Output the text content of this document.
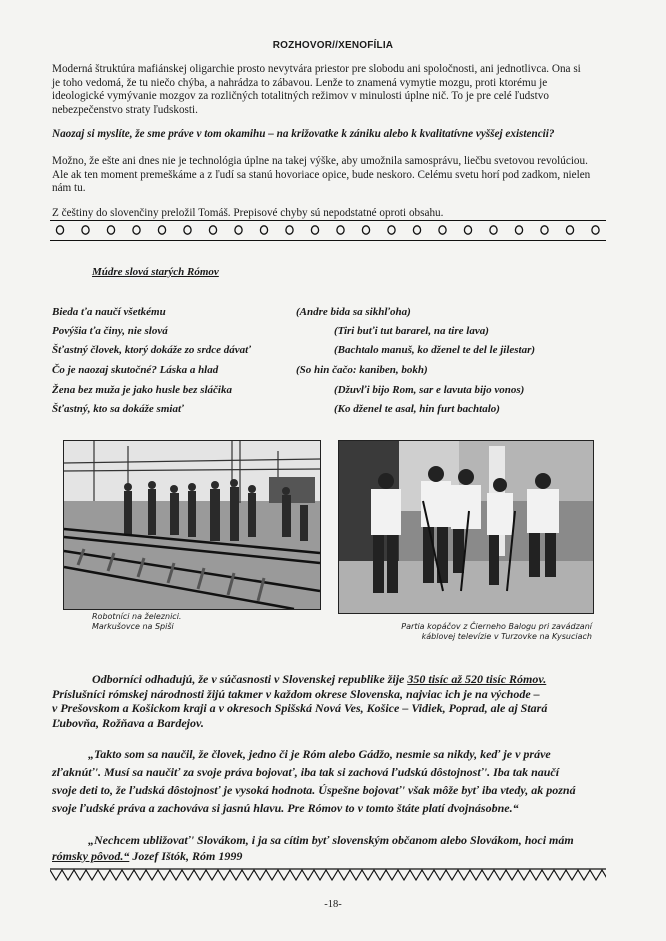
ROZHOVOR//XENOFÍLIA
Moderná štruktúra mafiánskej oligarchie prosto nevytvára priestor pre slobodu ani spoločnosti, ani jednotlivca. Ona si
je toho vedomá, že tu niečo chýba, a nahrádza to zábavou. Lenže to znamená vymytie mozgu, proti ktorému je
ideologické vymývanie mozgov za rozličných totalitných režimov v minulosti úplne nič. To je pre celé ľudstvo
nebezpečenstvo straty ľudskosti.
Naozaj si myslíte, že sme práve v tom okamihu – na križovatke k zániku alebo k kvalitatívne vyššej existencii?
Možno, že ešte ani dnes nie je technológia úplne na takej výške, aby umožnila samosprávu, liečbu svetovou revolúciou.
Ale ak ten moment premeškáme a z ľudí sa stanú hovoriace opice, bude neskoro. Celému svetu horí pod zadkom, nielen
nám tu.
Z češtiny do slovenčiny preložil Tomáš. Prepisové chyby sú nepodstatné oproti obsahu.
Múdre slová starých Rómov
Bieda ťa naučí všetkému	(Andre bida sa sikhľoha)
Povýšia ťa činy, nie slová	(Tiri buťi tut bararel, na tire lava)
Šťastný človek, ktorý dokáže zo srdce dávať	(Bachtalo manuš, ko dženel te del le jilestar)
Čo je naozaj skutočné? Láska a hlad	(So hin čačo: kaniben, bokh)
Žena bez muža je jako husle bez sláčika	(Džuvľi bijo Rom, sar e lavuta bijo vonos)
Šťastný, kto sa dokáže smiať	(Ko dženel te asal, hin furt bachtalo)
Robotníci na železnici.
Markušovce na Spiši	Partia kopáčov z Čierneho Balogu pri zavádzaní
káblovej televízie v Turzovke na Kysuciach
Odborníci odhadujú, že v súčasnosti v Slovenskej republike žije 350 tisíc až 520 tisíc Rómov.
Príslušníci rómskej národnosti žijú takmer v každom okrese Slovenska, najviac ich je na východe –
v Prešovskom a Košickom kraji a v okresoch Spišská Nová Ves, Košice – Vidiek, Poprad, ale aj Stará
Ľubovňa, Rožňava a Bardejov.
„Takto som sa naučil, že človek, jedno či je Róm alebo Gádžo, nesmie sa nikdy, keď je v práve
zľaknúť'. Musí sa naučiť za svoje práva bojovať, iba tak si zachová ľudskú dôstojnosť'. Iba tak naučí
svoje deti to, že ľudská dôstojnosť je vysoká hodnota. Úspešne bojovať' však môže byť iba vtedy, ak pozná
svoje ľudské práva a zachováva si jasnú hlavu. Pre Rómov to v tomto štáte platí dvojnásobne.“
„Nechcem ubližovať' Slovákom, i ja sa cítim byť slovenským občanom alebo Slovákom, hoci mám
rómsky pôvod.“ Jozef Ištók, Róm 1999
-18-
